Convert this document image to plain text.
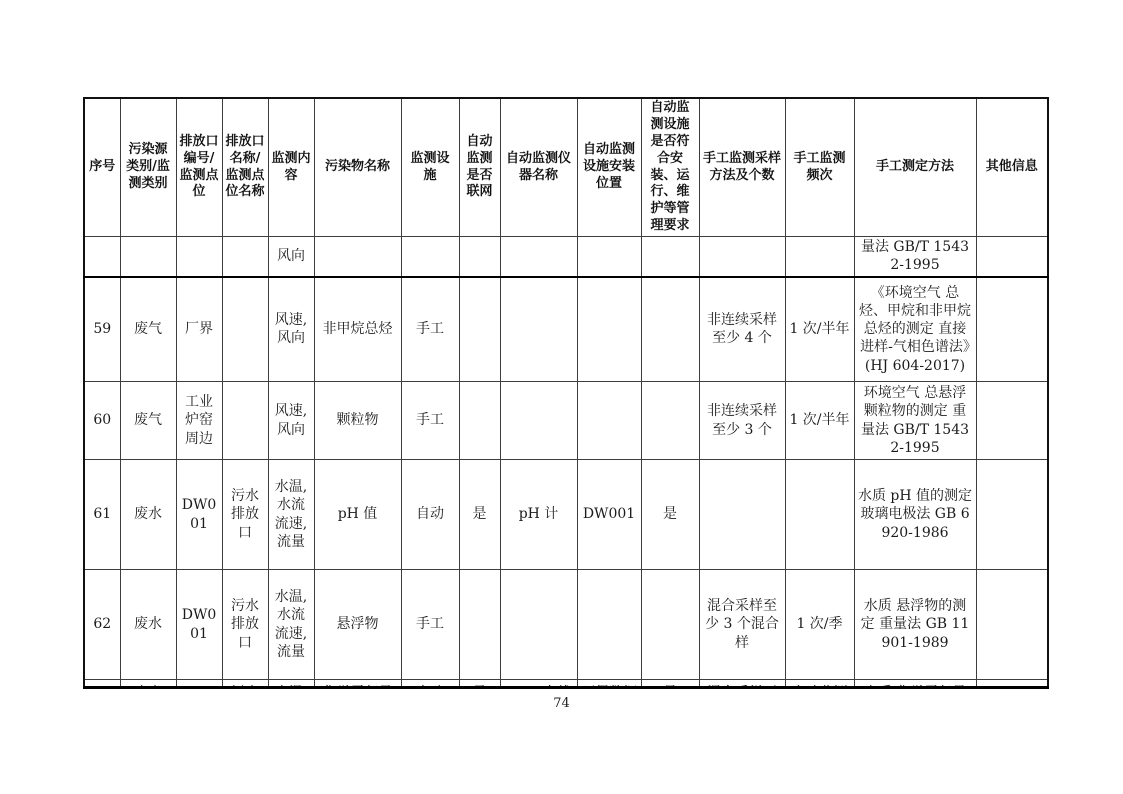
序号	污染源类别/监测类别	排放口编号/监测点位	排放口名称/监测点位名称	监测内容	污染物名称	监测设施	自动监测是否联网	自动监测仪器名称	自动监测设施安装位置	自动监测设施是否符合安装、运行、维护等管理要求	手工监测采样方法及个数	手工监测频次	手工测定方法	其他信息
				风向									量法 GB/T 15432-1995	
59	废气	厂界		风速,风向	非甲烷总烃	手工					非连续采样至少 4 个	1 次/半年	《环境空气 总烃、甲烷和非甲烷总烃的测定 直接进样-气相色谱法》(HJ 604-2017)	
60	废气	工业炉窑周边		风速,风向	颗粒物	手工					非连续采样至少 3 个	1 次/半年	环境空气 总悬浮颗粒物的测定 重量法 GB/T 15432-1995	
61	废水	DW001	污水排放口	水温,水流流速,流量	pH 值	自动	是	pH 计	DW001	是			水质 pH 值的测定 玻璃电极法 GB 6920-1986	
62	废水	DW001	污水排放口	水温,水流流速,流量	悬浮物	手工					混合采样至少 3 个混合样	1 次/季	水质 悬浮物的测定 重量法 GB 11901-1989	

74
